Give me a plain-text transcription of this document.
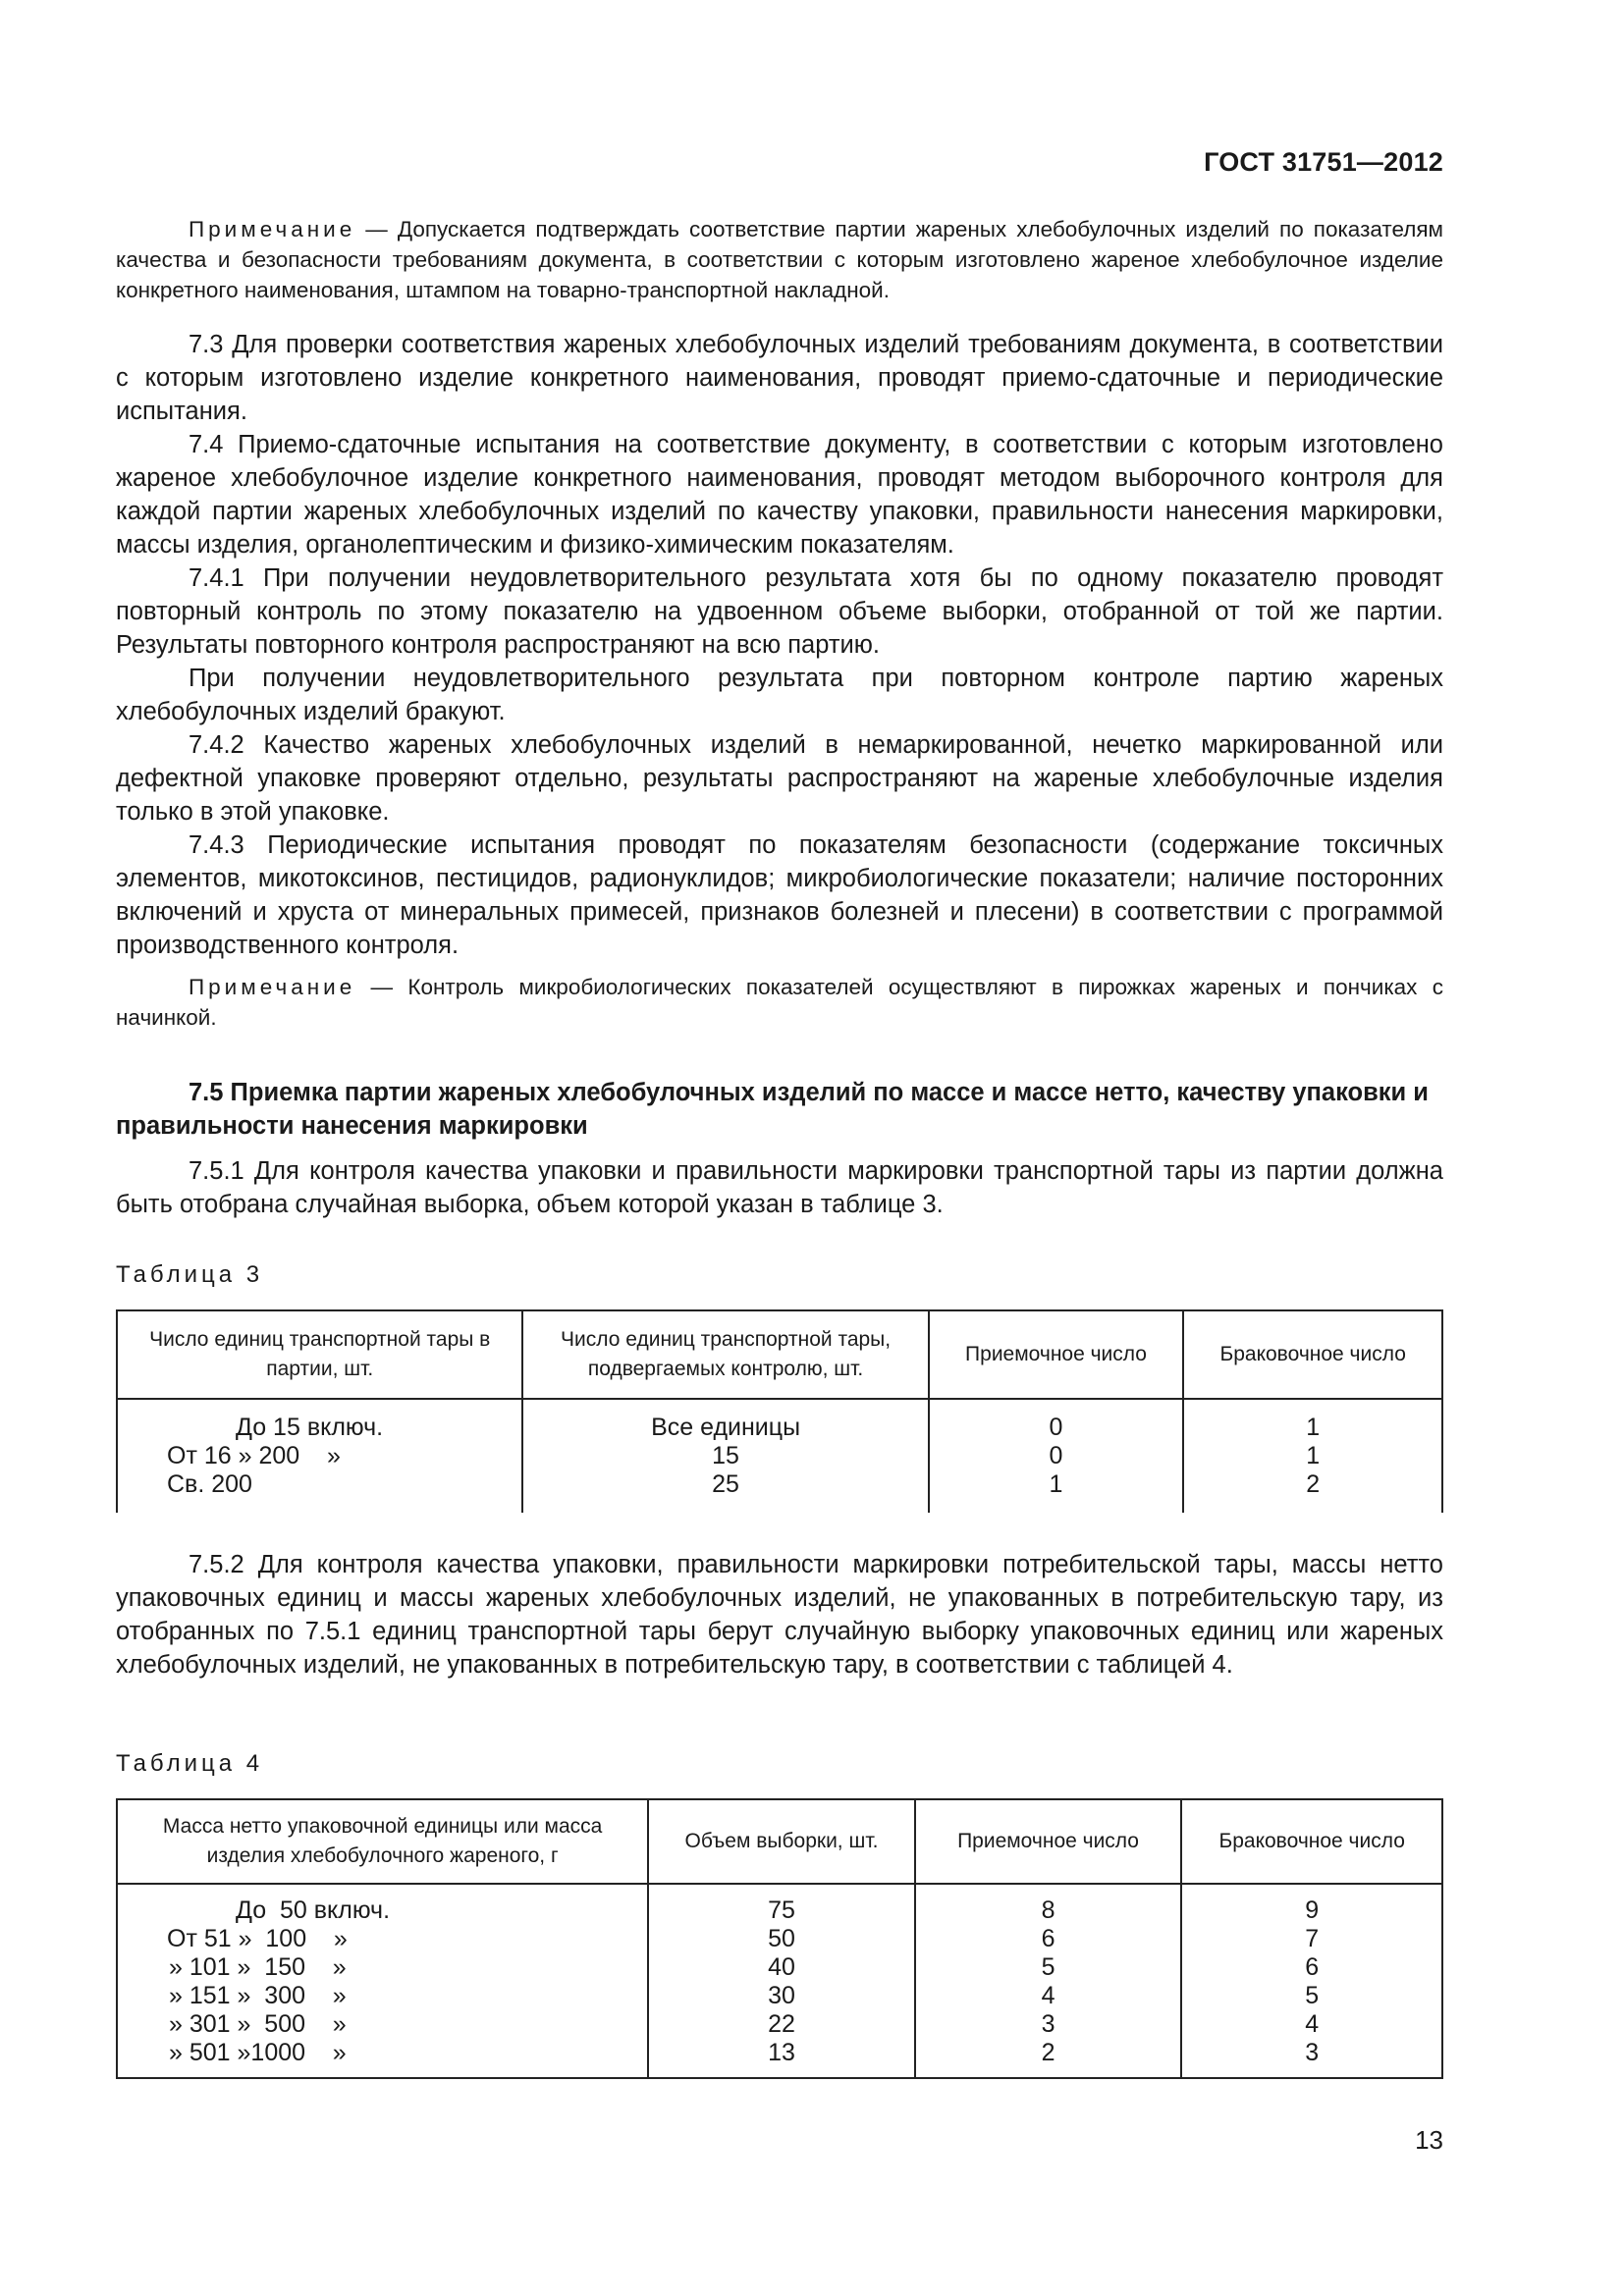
ГОСТ 31751—2012

Примечание — Допускается подтверждать соответствие партии жареных хлебобулочных изделий по показателям качества и безопасности требованиям документа, в соответствии с которым изготовлено жареное хлебобулочное изделие конкретного наименования, штампом на товарно-транспортной накладной.

7.3 Для проверки соответствия жареных хлебобулочных изделий требованиям документа, в соответствии с которым изготовлено изделие конкретного наименования, проводят приемо-сдаточные и периодические испытания.

7.4 Приемо-сдаточные испытания на соответствие документу, в соответствии с которым изготовлено жареное хлебобулочное изделие конкретного наименования, проводят методом выборочного контроля для каждой партии жареных хлебобулочных изделий по качеству упаковки, правильности нанесения маркировки, массы изделия, органолептическим и физико-химическим показателям.

7.4.1 При получении неудовлетворительного результата хотя бы по одному показателю проводят повторный контроль по этому показателю на удвоенном объеме выборки, отобранной от той же партии. Результаты повторного контроля распространяют на всю партию.

При получении неудовлетворительного результата при повторном контроле партию жареных хлебобулочных изделий бракуют.

7.4.2 Качество жареных хлебобулочных изделий в немаркированной, нечетко маркированной или дефектной упаковке проверяют отдельно, результаты распространяют на жареные хлебобулочные изделия только в этой упаковке.

7.4.3 Периодические испытания проводят по показателям безопасности (содержание токсичных элементов, микотоксинов, пестицидов, радионуклидов; микробиологические показатели; наличие посторонних включений и хруста от минеральных примесей, признаков болезней и плесени) в соответствии с программой производственного контроля.

Примечание — Контроль микробиологических показателей осуществляют в пирожках жареных и пончиках с начинкой.

7.5 Приемка партии жареных хлебобулочных изделий по массе и массе нетто, качеству упаковки и правильности нанесения маркировки

7.5.1 Для контроля качества упаковки и правильности маркировки транспортной тары из партии должна быть отобрана случайная выборка, объем которой указан в таблице 3.

Таблица 3

Число единиц транспортной тары в партии, шт.	Число единиц транспортной тары, подвергаемых контролю, шт.	Приемочное число	Браковочное число

До 15 включ.	Все единицы	0	1

От 16 » 200    »	15	0	1

Св. 200	25	1	2

7.5.2 Для контроля качества упаковки, правильности маркировки потребительской тары, массы нетто упаковочных единиц и массы жареных хлебобулочных изделий, не упакованных в потребительскую тару, из отобранных по 7.5.1 единиц транспортной тары берут случайную выборку упаковочных единиц или жареных хлебобулочных изделий, не упакованных в потребительскую тару, в соответствии с таблицей 4.

Таблица 4

Масса нетто упаковочной единицы или масса изделия хлебобулочного жареного, г	Объем выборки, шт.	Приемочное число	Браковочное число

До  50 включ.	75	8	9

От 51 »  100    »	50	6	7

» 101 »  150    »	40	5	6

» 151 »  300    »	30	4	5

» 301 »  500    »	22	3	4

» 501 »1000    »	13	2	3
13
